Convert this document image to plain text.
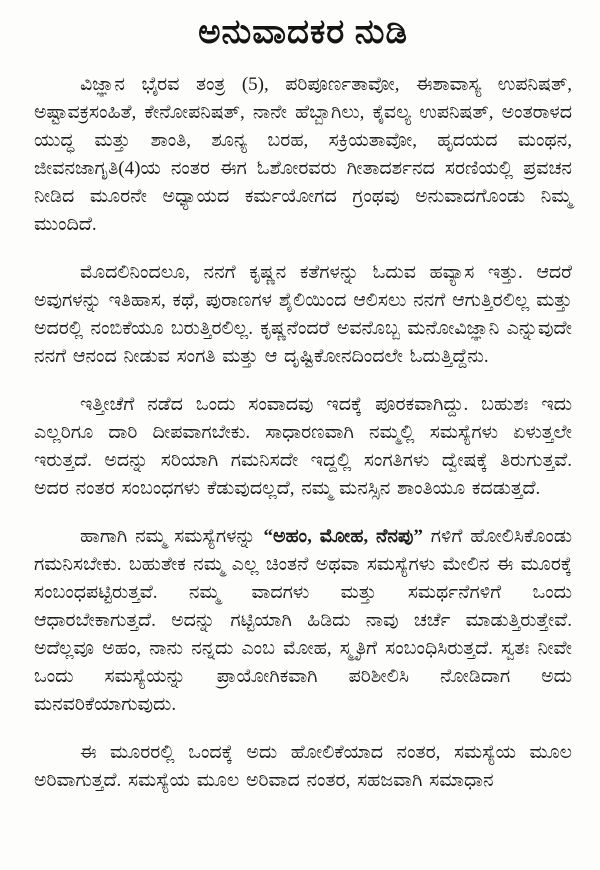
ಅನುವಾದಕರ ನುಡಿ

ವಿಜ್ಞಾನ ಭೈರವ ತಂತ್ರ (5), ಪರಿಪೂರ್ಣತಾವೋ, ಈಶಾವಾಸ್ಯ ಉಪನಿಷತ್, ಅಷ್ಟಾವಕ್ರಸಂಹಿತೆ, ಕೇನೋಪನಿಷತ್, ನಾನೇ ಹೆಬ್ಬಾಗಿಲು, ಕೈವಲ್ಯ ಉಪನಿಷತ್, ಅಂತರಾಳದ ಯುದ್ಧ ಮತ್ತು ಶಾಂತಿ, ಶೂನ್ಯ ಬರಹ, ಸಕ್ರಿಯತಾವೋ, ಹೃದಯದ ಮಂಥನ, ಜೀವನಜಾಗೃತಿ(4)ಯ ನಂತರ ಈಗ ಓಶೋರವರು ಗೀತಾದರ್ಶನದ ಸರಣಿಯಲ್ಲಿ ಪ್ರವಚನ ನೀಡಿದ ಮೂರನೇ ಅಧ್ಯಾಯದ ಕರ್ಮಯೋಗದ ಗ್ರಂಥವು ಅನುವಾದಗೊಂಡು ನಿಮ್ಮ ಮುಂದಿದೆ.

ಮೊದಲಿನಿಂದಲೂ, ನನಗೆ ಕೃಷ್ಣನ ಕತೆಗಳನ್ನು ಓದುವ ಹವ್ಯಾಸ ಇತ್ತು. ಆದರೆ ಅವುಗಳನ್ನು ಇತಿಹಾಸ, ಕಥೆ, ಪುರಾಣಗಳ ಶೈಲಿಯಿಂದ ಆಲಿಸಲು ನನಗೆ ಆಗುತ್ತಿರಲಿಲ್ಲ ಮತ್ತು ಅದರಲ್ಲಿ ನಂಬಿಕೆಯೂ ಬರುತ್ತಿರಲಿಲ್ಲ. ಕೃಷ್ಣನೆಂದರೆ ಅವನೊಬ್ಬ ಮನೋವಿಜ್ಞಾನಿ ಎನ್ನುವುದೇ ನನಗೆ ಆನಂದ ನೀಡುವ ಸಂಗತಿ ಮತ್ತು ಆ ದೃಷ್ಟಿಕೋನದಿಂದಲೇ ಓದುತ್ತಿದ್ದೆನು.

ಇತ್ತೀಚೆಗೆ ನಡೆದ ಒಂದು ಸಂವಾದವು ಇದಕ್ಕೆ ಪೂರಕವಾಗಿದ್ದು. ಬಹುಶಃ ಇದು ಎಲ್ಲರಿಗೂ ದಾರಿ ದೀಪವಾಗಬೇಕು. ಸಾಧಾರಣವಾಗಿ ನಮ್ಮಲ್ಲಿ ಸಮಸ್ಯೆಗಳು ಏಳುತ್ತಲೇ ಇರುತ್ತದೆ. ಅದನ್ನು ಸರಿಯಾಗಿ ಗಮನಿಸದೇ ಇದ್ದಲ್ಲಿ ಸಂಗತಿಗಳು ದ್ವೇಷಕ್ಕೆ ತಿರುಗುತ್ತವೆ. ಅದರ ನಂತರ ಸಂಬಂಧಗಳು ಕೆಡುವುದಲ್ಲದೆ, ನಮ್ಮ ಮನಸ್ಸಿನ ಶಾಂತಿಯೂ ಕದಡುತ್ತದೆ.

ಹಾಗಾಗಿ ನಮ್ಮ ಸಮಸ್ಯೆಗಳನ್ನು “ಅಹಂ, ಮೋಹ, ನೆನಪು” ಗಳಿಗೆ ಹೋಲಿಸಿಕೊಂಡು ಗಮನಿಸಬೇಕು. ಬಹುತೇಕ ನಮ್ಮ ಎಲ್ಲ ಚಿಂತನೆ ಅಥವಾ ಸಮಸ್ಯೆಗಳು ಮೇಲಿನ ಈ ಮೂರಕ್ಕೆ ಸಂಬಂಧಪಟ್ಟಿರುತ್ತವೆ. ನಮ್ಮ ವಾದಗಳು ಮತ್ತು ಸಮರ್ಥನೆಗಳಿಗೆ ಒಂದು ಆಧಾರಬೇಕಾಗುತ್ತದೆ. ಅದನ್ನು ಗಟ್ಟಿಯಾಗಿ ಹಿಡಿದು ನಾವು ಚರ್ಚೆ ಮಾಡುತ್ತಿರುತ್ತೇವೆ. ಅದೆಲ್ಲವೂ ಅಹಂ, ನಾನು ನನ್ನದು ಎಂಬ ಮೋಹ, ಸ್ಮೃತಿಗೆ ಸಂಬಂಧಿಸಿರುತ್ತದೆ. ಸ್ವತಃ ನೀವೇ ಒಂದು ಸಮಸ್ಯೆಯನ್ನು ಪ್ರಾಯೋಗಿಕವಾಗಿ ಪರಿಶೀಲಿಸಿ ನೋಡಿದಾಗ ಅದು ಮನವರಿಕೆಯಾಗುವುದು.

ಈ ಮೂರರಲ್ಲಿ ಒಂದಕ್ಕೆ ಅದು ಹೋಲಿಕೆಯಾದ ನಂತರ, ಸಮಸ್ಯೆಯ ಮೂಲ ಅರಿವಾಗುತ್ತದೆ. ಸಮಸ್ಯೆಯ ಮೂಲ ಅರಿವಾದ ನಂತರ, ಸಹಜವಾಗಿ ಸಮಾಧಾನ
